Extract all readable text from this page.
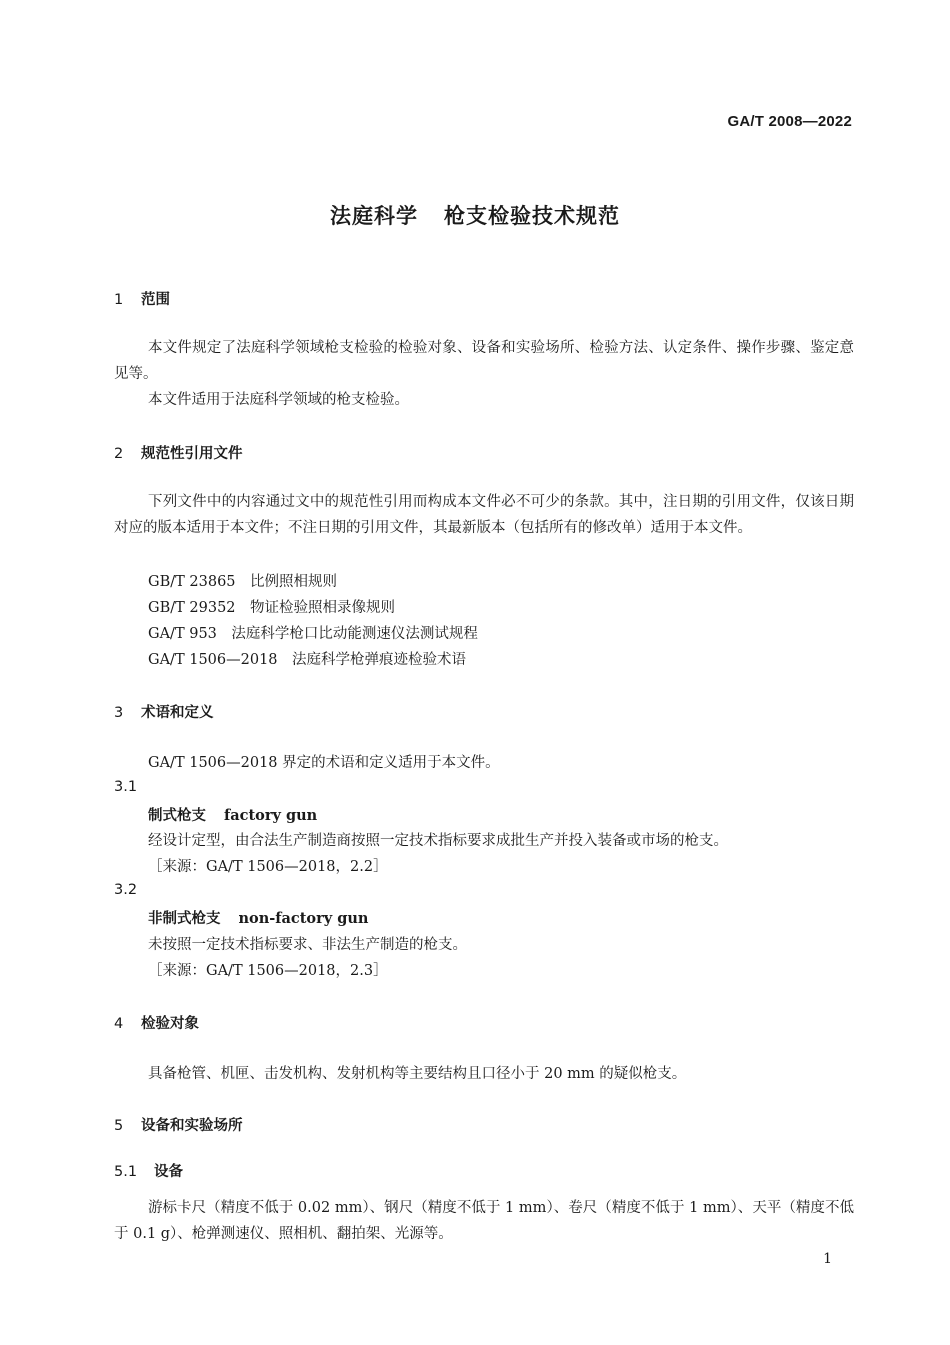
GA/T 2008—2022
法庭科学 枪支检验技术规范
1 范围
本文件规定了法庭科学领域枪支检验的检验对象、设备和实验场所、检验方法、认定条件、操作步骤、鉴定意见等。
本文件适用于法庭科学领域的枪支检验。
2 规范性引用文件
下列文件中的内容通过文中的规范性引用而构成本文件必不可少的条款。其中，注日期的引用文件，仅该日期对应的版本适用于本文件；不注日期的引用文件，其最新版本（包括所有的修改单）适用于本文件。
GB/T 23865　比例照相规则
GB/T 29352　物证检验照相录像规则
GA/T 953　法庭科学枪口比动能测速仪法测试规程
GA/T 1506—2018　法庭科学枪弹痕迹检验术语
3 术语和定义
GA/T 1506—2018 界定的术语和定义适用于本文件。
3.1
制式枪支 factory gun
经设计定型，由合法生产制造商按照一定技术指标要求成批生产并投入装备或市场的枪支。
［来源：GA/T 1506—2018，2.2］
3.2
非制式枪支 non-factory gun
未按照一定技术指标要求、非法生产制造的枪支。
［来源：GA/T 1506—2018，2.3］
4 检验对象
具备枪管、机匣、击发机构、发射机构等主要结构且口径小于 20 mm 的疑似枪支。
5 设备和实验场所
5.1 设备
游标卡尺（精度不低于 0.02 mm）、钢尺（精度不低于 1 mm）、卷尺（精度不低于 1 mm）、天平（精度不低于 0.1 g）、枪弹测速仪、照相机、翻拍架、光源等。
1
